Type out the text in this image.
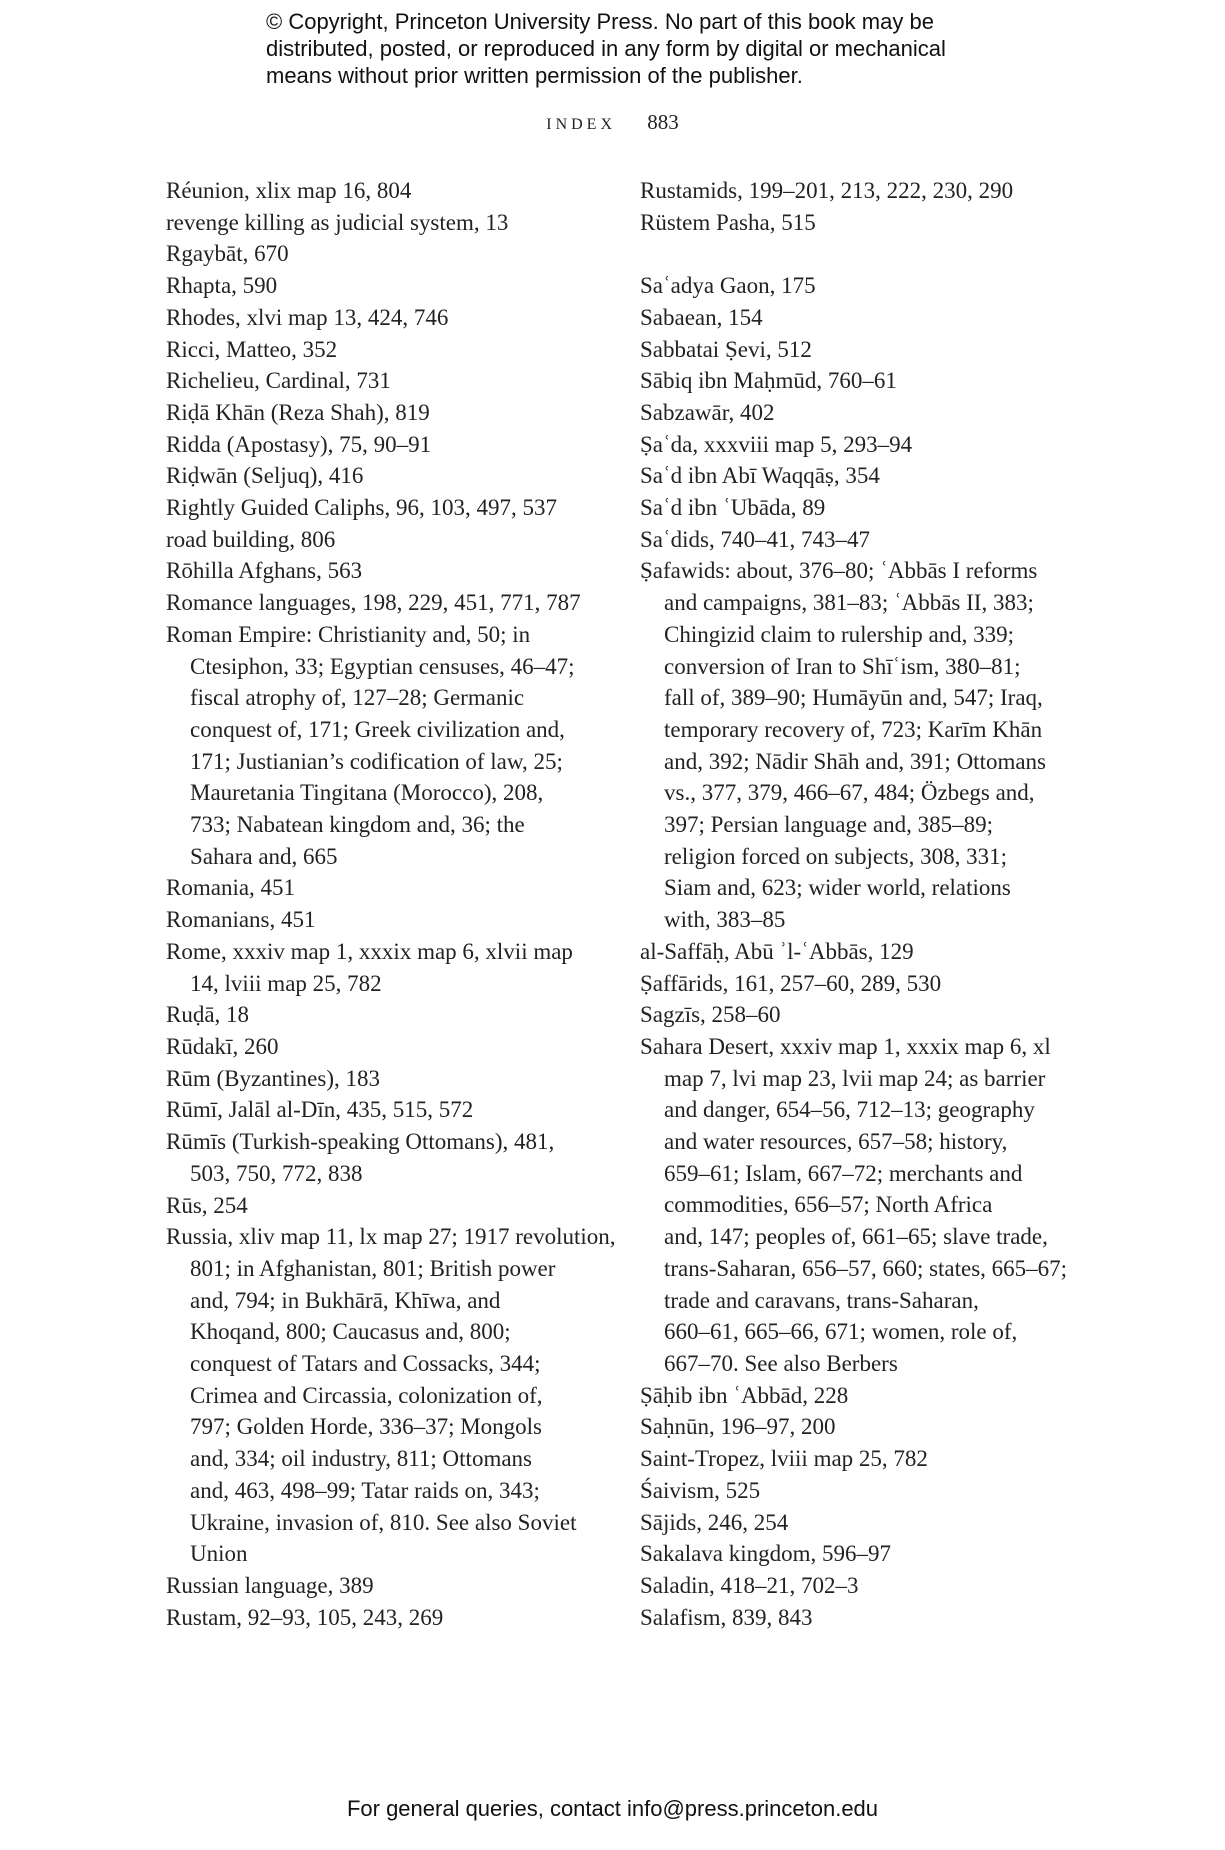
© Copyright, Princeton University Press. No part of this book may be distributed, posted, or reproduced in any form by digital or mechanical means without prior written permission of the publisher.
INDEX 883
Réunion, xlix map 16, 804
revenge killing as judicial system, 13
Rgaybāt, 670
Rhapta, 590
Rhodes, xlvi map 13, 424, 746
Ricci, Matteo, 352
Richelieu, Cardinal, 731
Riḍā Khān (Reza Shah), 819
Ridda (Apostasy), 75, 90–91
Riḍwān (Seljuq), 416
Rightly Guided Caliphs, 96, 103, 497, 537
road building, 806
Rōhilla Afghans, 563
Romance languages, 198, 229, 451, 771, 787
Roman Empire: Christianity and, 50; in
Ctesiphon, 33; Egyptian censuses, 46–47;
fiscal atrophy of, 127–28; Germanic
conquest of, 171; Greek civilization and,
171; Justianian’s codification of law, 25;
Mauretania Tingitana (Morocco), 208,
733; Nabatean kingdom and, 36; the
Sahara and, 665
Romania, 451
Romanians, 451
Rome, xxxiv map 1, xxxix map 6, xlvii map
14, lviii map 25, 782
Ruḍā, 18
Rūdakī, 260
Rūm (Byzantines), 183
Rūmī, Jalāl al-Dīn, 435, 515, 572
Rūmīs (Turkish-speaking Ottomans), 481,
503, 750, 772, 838
Rūs, 254
Russia, xliv map 11, lx map 27; 1917 revolution,
801; in Afghanistan, 801; British power
and, 794; in Bukhārā, Khīwa, and
Khoqand, 800; Caucasus and, 800;
conquest of Tatars and Cossacks, 344;
Crimea and Circassia, colonization of,
797; Golden Horde, 336–37; Mongols
and, 334; oil industry, 811; Ottomans
and, 463, 498–99; Tatar raids on, 343;
Ukraine, invasion of, 810. See also Soviet
Union
Russian language, 389
Rustam, 92–93, 105, 243, 269
Rustamids, 199–201, 213, 222, 230, 290
Rüstem Pasha, 515
Saʿadya Gaon, 175
Sabaean, 154
Sabbatai Ṣevi, 512
Sābiq ibn Maḥmūd, 760–61
Sabzawār, 402
Ṣaʿda, xxxviii map 5, 293–94
Saʿd ibn Abī Waqqāṣ, 354
Saʿd ibn ʿUbāda, 89
Saʿdids, 740–41, 743–47
Ṣafawids: about, 376–80; ʿAbbās I reforms
and campaigns, 381–83; ʿAbbās II, 383;
Chingizid claim to rulership and, 339;
conversion of Iran to Shīʿism, 380–81;
fall of, 389–90; Humāyūn and, 547; Iraq,
temporary recovery of, 723; Karīm Khān
and, 392; Nādir Shāh and, 391; Ottomans
vs., 377, 379, 466–67, 484; Özbegs and,
397; Persian language and, 385–89;
religion forced on subjects, 308, 331;
Siam and, 623; wider world, relations
with, 383–85
al-Saffāḥ, Abū ʾl-ʿAbbās, 129
Ṣaffārids, 161, 257–60, 289, 530
Sagzīs, 258–60
Sahara Desert, xxxiv map 1, xxxix map 6, xl
map 7, lvi map 23, lvii map 24; as barrier
and danger, 654–56, 712–13; geography
and water resources, 657–58; history,
659–61; Islam, 667–72; merchants and
commodities, 656–57; North Africa
and, 147; peoples of, 661–65; slave trade,
trans-Saharan, 656–57, 660; states, 665–67;
trade and caravans, trans-Saharan,
660–61, 665–66, 671; women, role of,
667–70. See also Berbers
Ṣāḥib ibn ʿAbbād, 228
Saḥnūn, 196–97, 200
Saint-Tropez, lviii map 25, 782
Śaivism, 525
Sājids, 246, 254
Sakalava kingdom, 596–97
Saladin, 418–21, 702–3
Salafism, 839, 843
For general queries, contact info@press.princeton.edu
